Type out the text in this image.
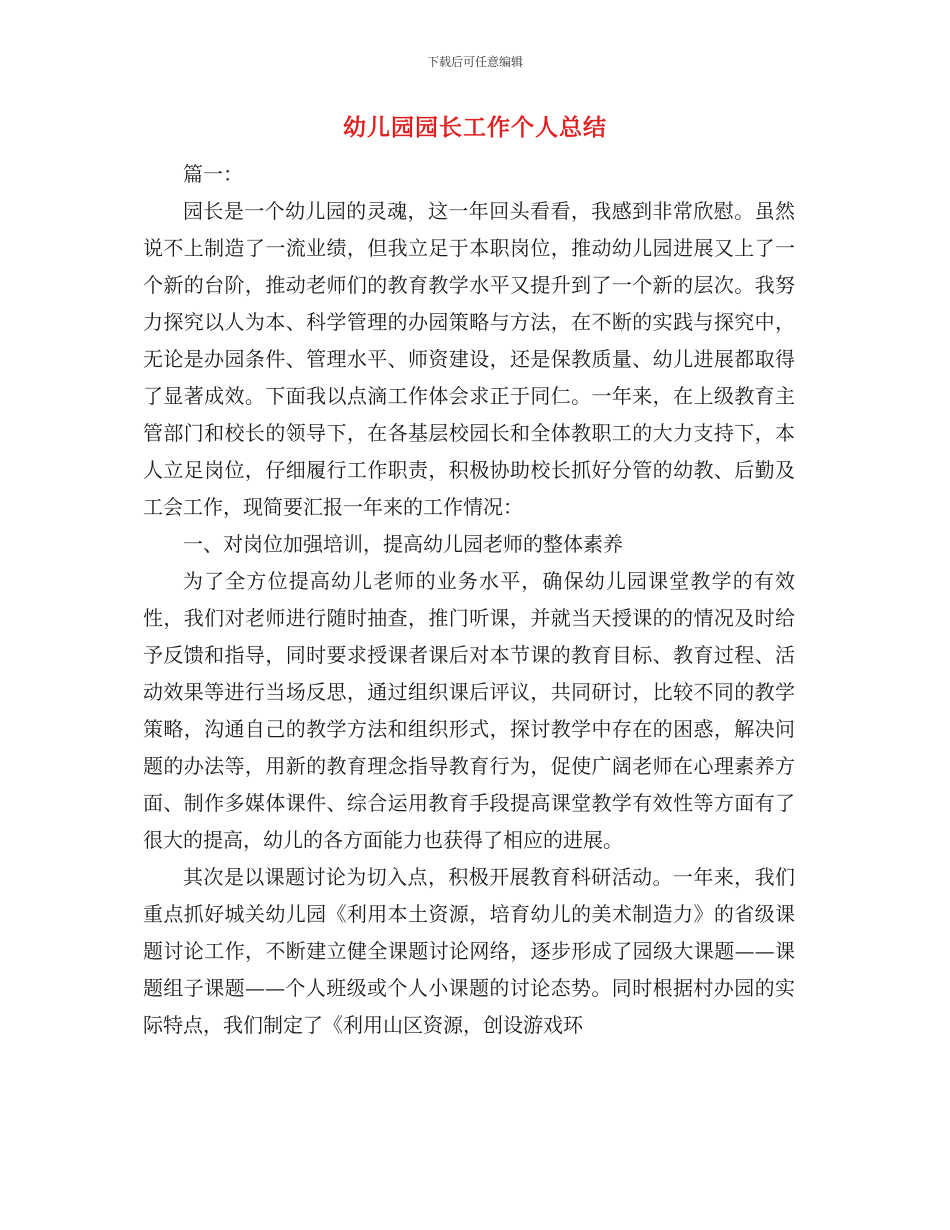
下载后可任意编辑
幼儿园园长工作个人总结

篇一：

园长是一个幼儿园的灵魂，这一年回头看看，我感到非常欣慰。虽然说不上制造了一流业绩，但我立足于本职岗位，推动幼儿园进展又上了一个新的台阶，推动老师们的教育教学水平又提升到了一个新的层次。我努力探究以人为本、科学管理的办园策略与方法，在不断的实践与探究中，无论是办园条件、管理水平、师资建设，还是保教质量、幼儿进展都取得了显著成效。下面我以点滴工作体会求正于同仁。一年来，在上级教育主管部门和校长的领导下，在各基层校园长和全体教职工的大力支持下，本人立足岗位，仔细履行工作职责，积极协助校长抓好分管的幼教、后勤及工会工作，现简要汇报一年来的工作情况：

一、对岗位加强培训，提高幼儿园老师的整体素养

为了全方位提高幼儿老师的业务水平，确保幼儿园课堂教学的有效性，我们对老师进行随时抽查，推门听课，并就当天授课的的情况及时给予反馈和指导，同时要求授课者课后对本节课的教育目标、教育过程、活动效果等进行当场反思，通过组织课后评议，共同研讨，比较不同的教学策略，沟通自己的教学方法和组织形式，探讨教学中存在的困惑，解决问题的办法等，用新的教育理念指导教育行为，促使广阔老师在心理素养方面、制作多媒体课件、综合运用教育手段提高课堂教学有效性等方面有了很大的提高，幼儿的各方面能力也获得了相应的进展。

其次是以课题讨论为切入点，积极开展教育科研活动。一年来，我们重点抓好城关幼儿园《利用本土资源，培育幼儿的美术制造力》的省级课题讨论工作，不断建立健全课题讨论网络，逐步形成了园级大课题——课题组子课题——个人班级或个人小课题的讨论态势。同时根据村办园的实际特点，我们制定了《利用山区资源，创设游戏环
